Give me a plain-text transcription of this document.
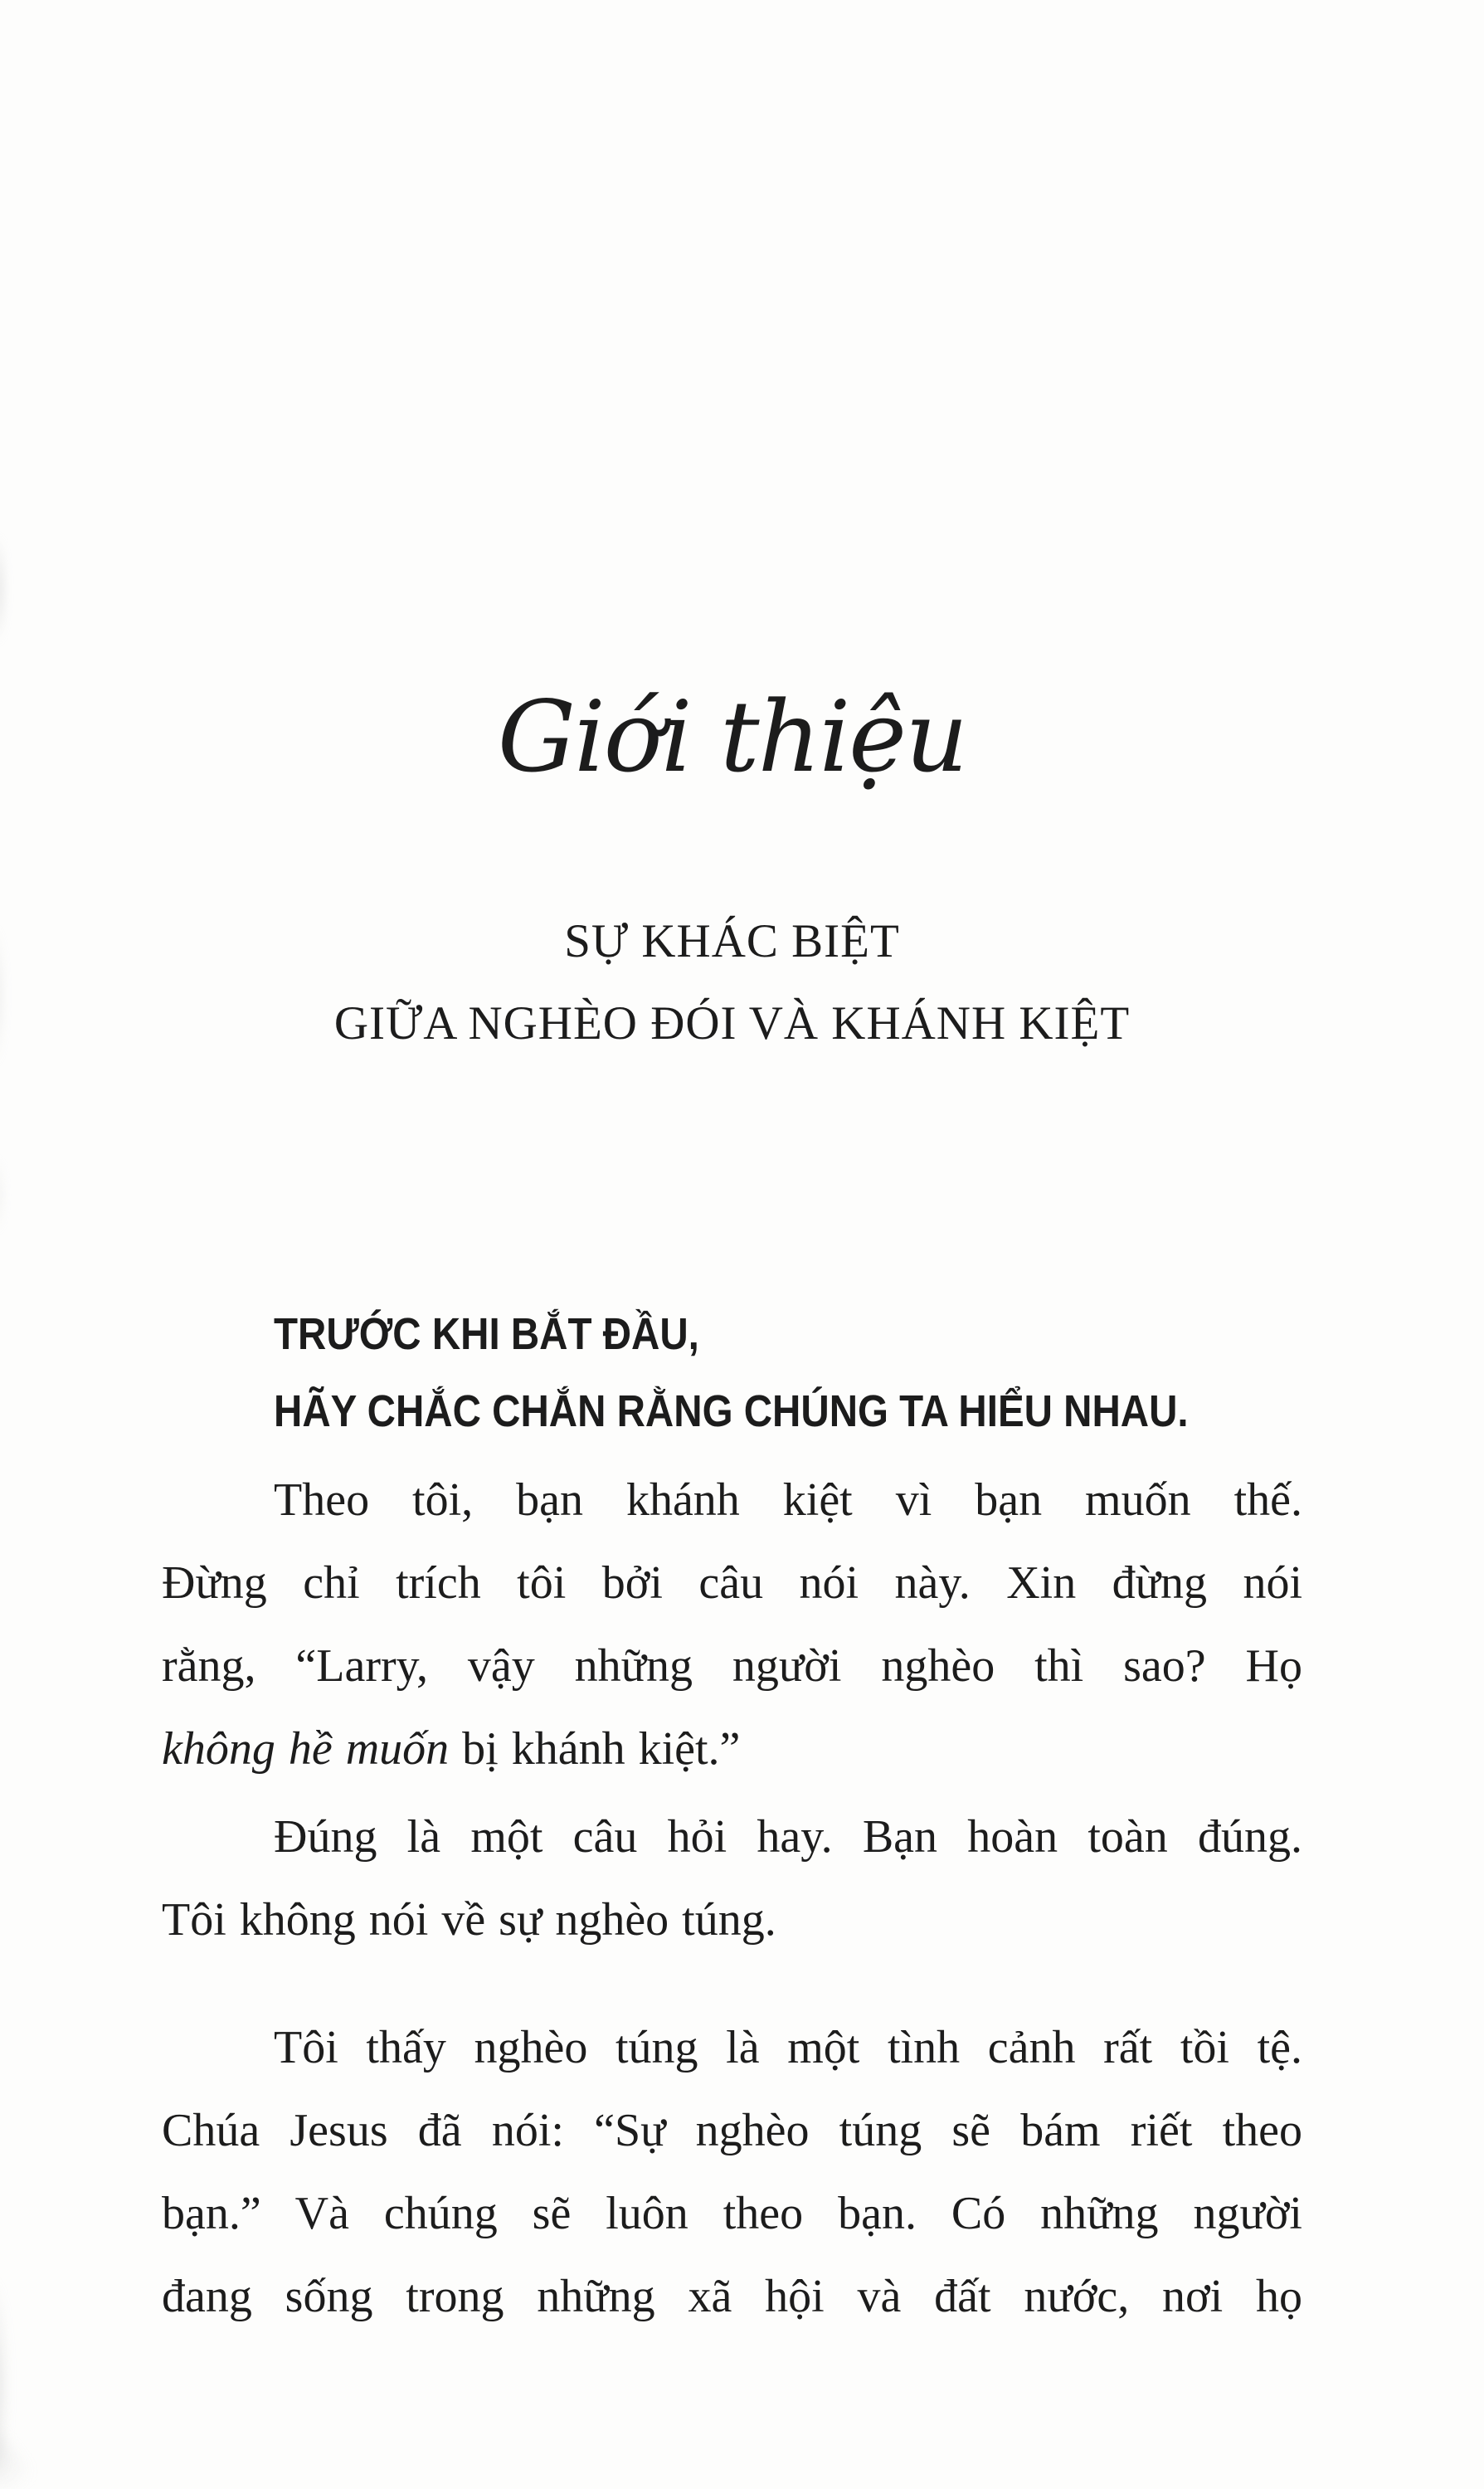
Giới thiệu
SỰ KHÁC BIỆT
GIỮA NGHÈO ĐÓI VÀ KHÁNH KIỆT
TRƯỚC KHI BẮT ĐẦU,
HÃY CHẮC CHẮN RẰNG CHÚNG TA HIỂU NHAU.

Theo tôi, bạn khánh kiệt vì bạn muốn thế.
Đừng chỉ trích tôi bởi câu nói này. Xin đừng nói
rằng, “Larry, vậy những người nghèo thì sao? Họ
không hề muốn bị khánh kiệt.”

Đúng là một câu hỏi hay. Bạn hoàn toàn đúng.
Tôi không nói về sự nghèo túng.

Tôi thấy nghèo túng là một tình cảnh rất tồi tệ.
Chúa Jesus đã nói: “Sự nghèo túng sẽ bám riết theo
bạn.” Và chúng sẽ luôn theo bạn. Có những người
đang sống trong những xã hội và đất nước, nơi họ
